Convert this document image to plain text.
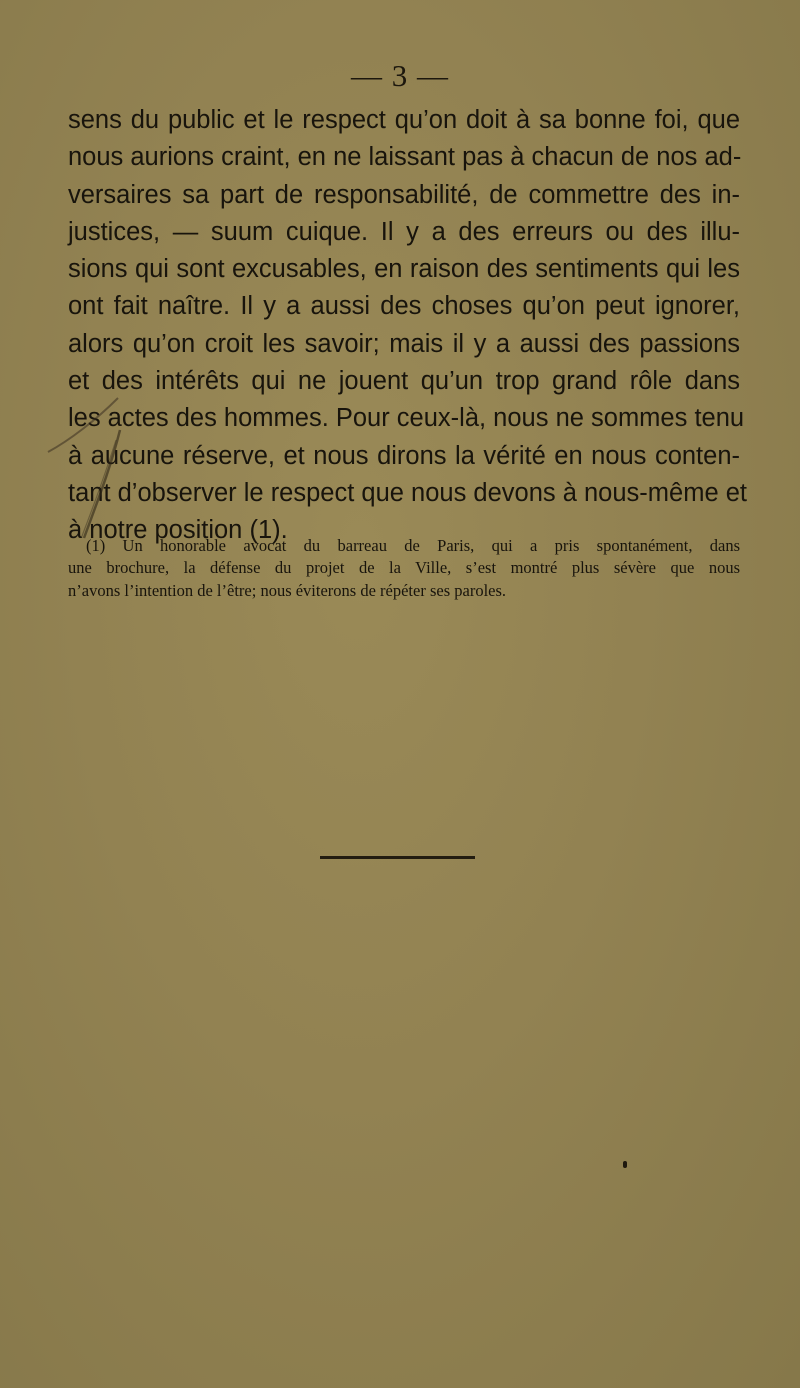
— 3 —
sens du public et le respect qu’on doit à sa bonne foi, que
nous aurions craint, en ne laissant pas à chacun de nos ad-
versaires sa part de responsabilité, de commettre des in-
justices, — suum cuique. Il y a des erreurs ou des illu-
sions qui sont excusables, en raison des sentiments qui les
ont fait naître. Il y a aussi des choses qu’on peut ignorer,
alors qu’on croit les savoir; mais il y a aussi des passions
et des intérêts qui ne jouent qu’un trop grand rôle dans
les actes des hommes. Pour ceux-là, nous ne sommes tenu
à aucune réserve, et nous dirons la vérité en nous conten-
tant d’observer le respect que nous devons à nous-même et
à notre position (1).
(1) Un honorable avocat du barreau de Paris, qui a pris spontanément, dans
une brochure, la défense du projet de la Ville, s’est montré plus sévère que nous
n’avons l’intention de l’être; nous éviterons de répéter ses paroles.
